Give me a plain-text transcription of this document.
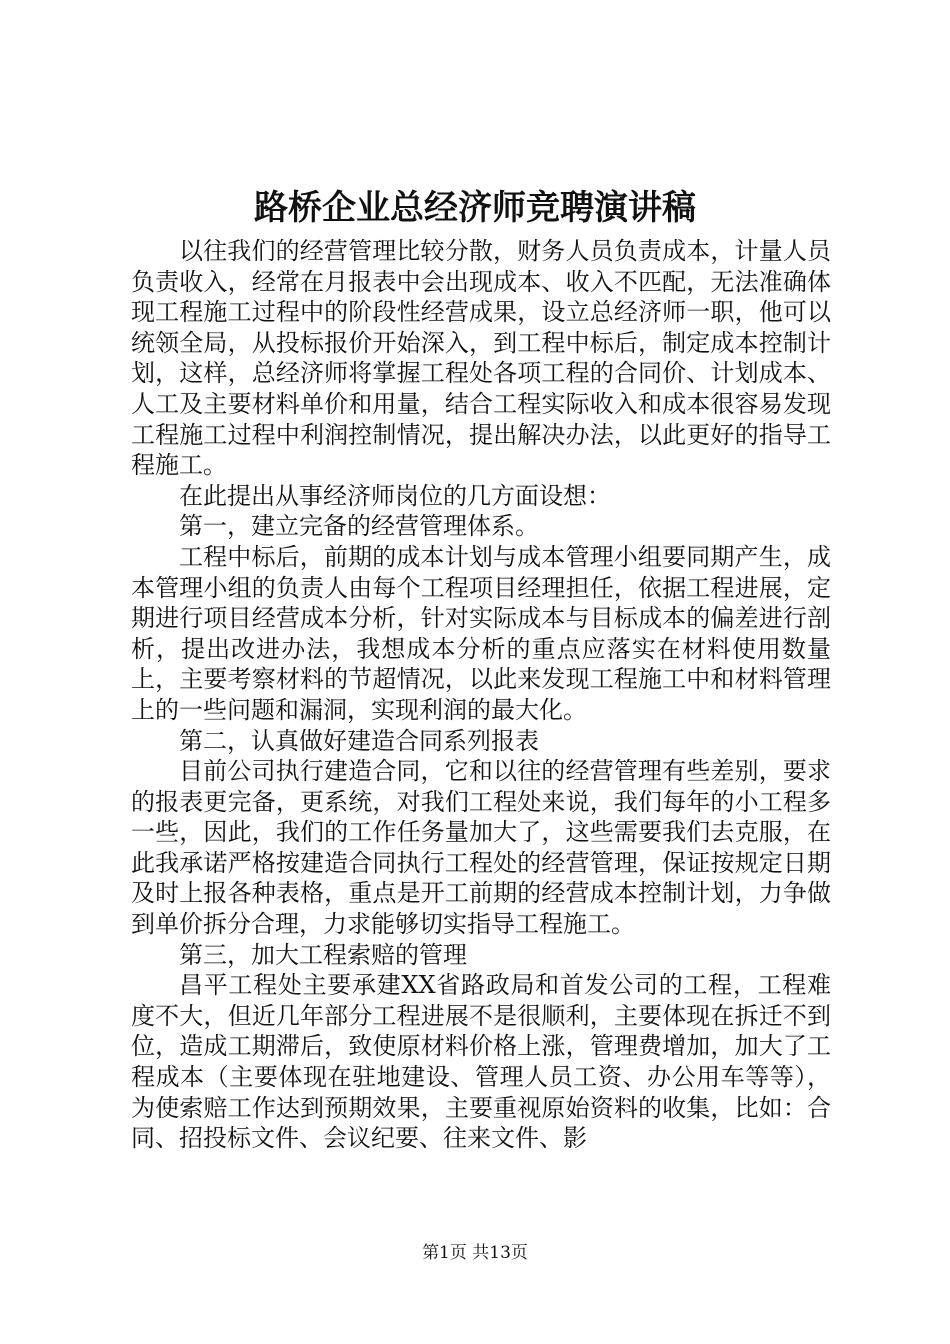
路桥企业总经济师竞聘演讲稿

以往我们的经营管理比较分散，财务人员负责成本，计量人员负责收入，经常在月报表中会出现成本、收入不匹配，无法准确体现工程施工过程中的阶段性经营成果，设立总经济师一职，他可以统领全局，从投标报价开始深入，到工程中标后，制定成本控制计划，这样，总经济师将掌握工程处各项工程的合同价、计划成本、人工及主要材料单价和用量，结合工程实际收入和成本很容易发现工程施工过程中利润控制情况，提出解决办法，以此更好的指导工程施工。

在此提出从事经济师岗位的几方面设想：

第一，建立完备的经营管理体系。

工程中标后，前期的成本计划与成本管理小组要同期产生，成本管理小组的负责人由每个工程项目经理担任，依据工程进展，定期进行项目经营成本分析，针对实际成本与目标成本的偏差进行剖析，提出改进办法，我想成本分析的重点应落实在材料使用数量上，主要考察材料的节超情况，以此来发现工程施工中和材料管理上的一些问题和漏洞，实现利润的最大化。

第二，认真做好建造合同系列报表

目前公司执行建造合同，它和以往的经营管理有些差别，要求的报表更完备，更系统，对我们工程处来说，我们每年的小工程多一些，因此，我们的工作任务量加大了，这些需要我们去克服，在此我承诺严格按建造合同执行工程处的经营管理，保证按规定日期及时上报各种表格，重点是开工前期的经营成本控制计划，力争做到单价拆分合理，力求能够切实指导工程施工。

第三，加大工程索赔的管理

昌平工程处主要承建XX省路政局和首发公司的工程，工程难度不大，但近几年部分工程进展不是很顺利，主要体现在拆迁不到位，造成工期滞后，致使原材料价格上涨，管理费增加，加大了工程成本（主要体现在驻地建设、管理人员工资、办公用车等等），为使索赔工作达到预期效果，主要重视原始资料的收集，比如：合同、招投标文件、会议纪要、往来文件、影

第1页 共13页
